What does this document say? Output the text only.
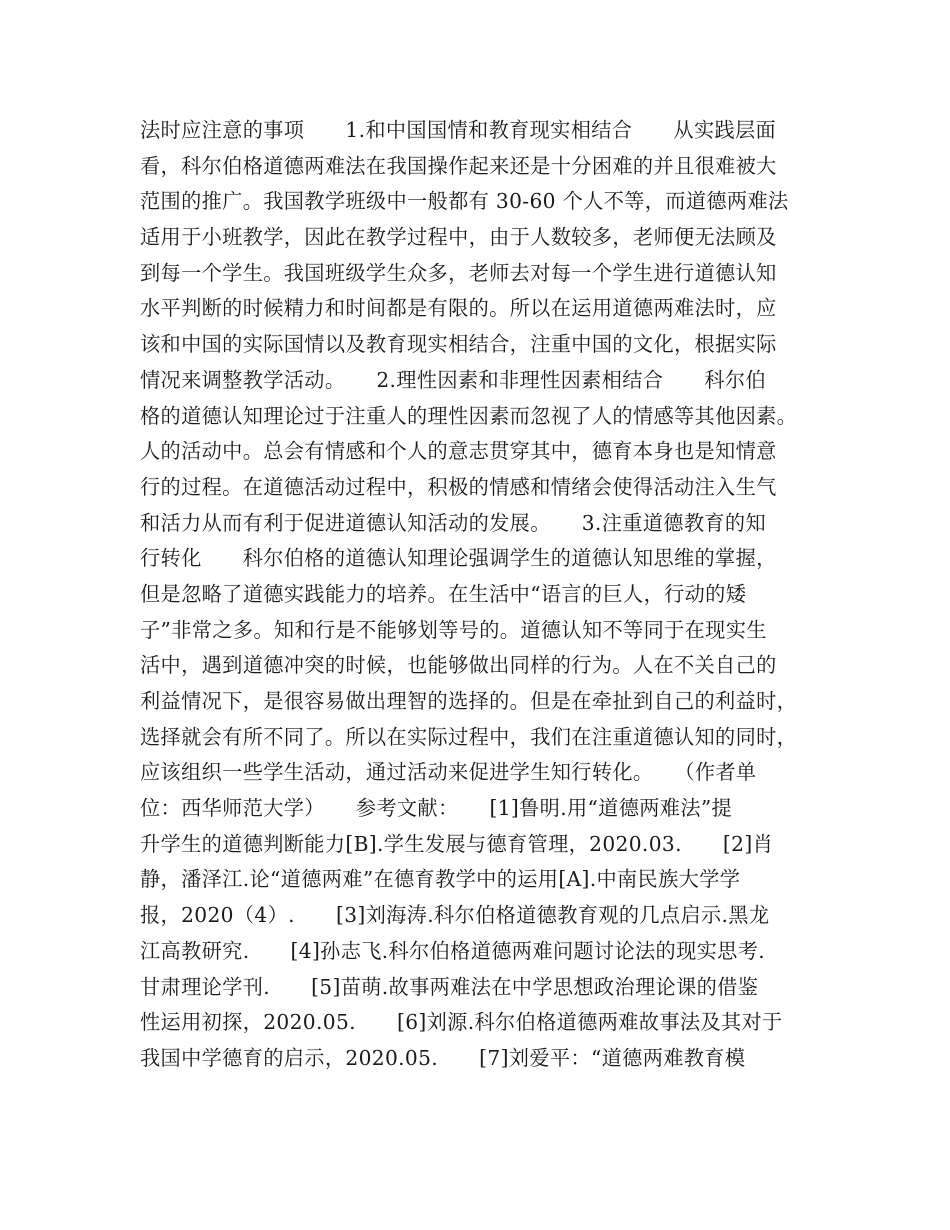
法时应注意的事项　　1.和中国国情和教育现实相结合　　从实践层面
看，科尔伯格道德两难法在我国操作起来还是十分困难的并且很难被大
范围的推广。我国教学班级中一般都有 30-60 个人不等，而道德两难法
适用于小班教学，因此在教学过程中，由于人数较多，老师便无法顾及
到每一个学生。我国班级学生众多，老师去对每一个学生进行道德认知
水平判断的时候精力和时间都是有限的。所以在运用道德两难法时，应
该和中国的实际国情以及教育现实相结合，注重中国的文化，根据实际
情况来调整教学活动。　　2.理性因素和非理性因素相结合　　科尔伯
格的道德认知理论过于注重人的理性因素而忽视了人的情感等其他因素。
人的活动中。总会有情感和个人的意志贯穿其中，德育本身也是知情意
行的过程。在道德活动过程中，积极的情感和情绪会使得活动注入生气
和活力从而有利于促进道德认知活动的发展。　　3.注重道德教育的知
行转化　　科尔伯格的道德认知理论强调学生的道德认知思维的掌握，
但是忽略了道德实践能力的培养。在生活中“语言的巨人，行动的矮
子”非常之多。知和行是不能够划等号的。道德认知不等同于在现实生
活中，遇到道德冲突的时候，也能够做出同样的行为。人在不关自己的
利益情况下，是很容易做出理智的选择的。但是在牵扯到自己的利益时，
选择就会有所不同了。所以在实际过程中，我们在注重道德认知的同时，
应该组织一些学生活动，通过活动来促进学生知行转化。　　（作者单
位：西华师范大学）　　参考文献：　　[1]鲁明.用“道德两难法”提
升学生的道德判断能力[B].学生发展与德育管理，2020.03.　　[2]肖
静，潘泽江.论“道德两难”在德育教学中的运用[A].中南民族大学学
报，2020（4）.　　[3]刘海涛.科尔伯格道德教育观的几点启示.黑龙
江高教研究.　　[4]孙志飞.科尔伯格道德两难问题讨论法的现实思考.
甘肃理论学刊.　　[5]苗萌.故事两难法在中学思想政治理论课的借鉴
性运用初探，2020.05.　　[6]刘源.科尔伯格道德两难故事法及其对于
我国中学德育的启示，2020.05.　　[7]刘爱平：“道德两难教育模
